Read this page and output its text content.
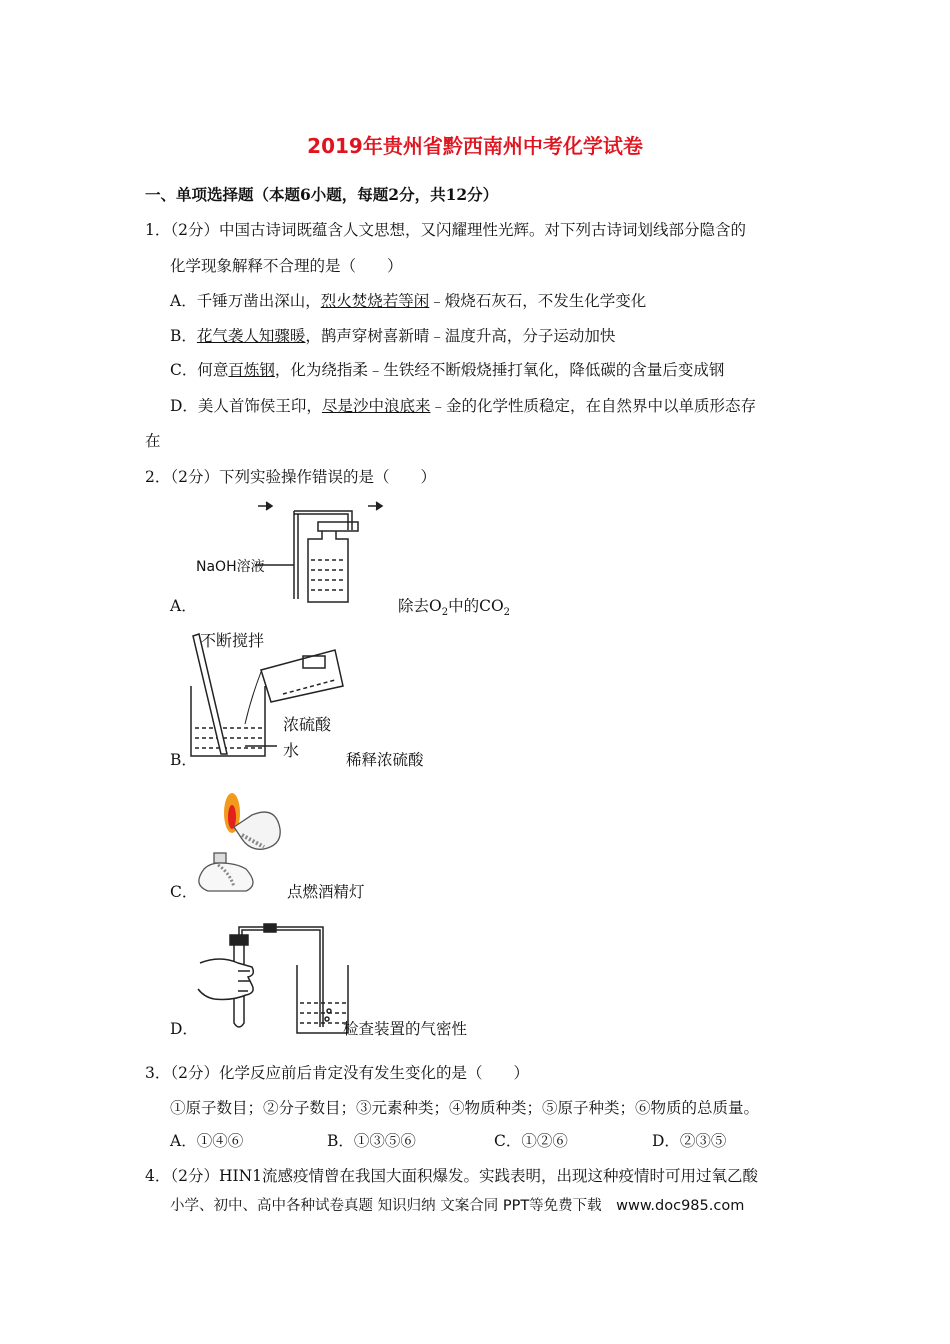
2019年贵州省黔西南州中考化学试卷
一、单项选择题（本题6小题，每题2分，共12分）
1．（2分）中国古诗词既蕴含人文思想，又闪耀理性光辉。对下列古诗词划线部分隐含的
化学现象解释不合理的是（　　）
A．千锤万凿出深山，烈火焚烧若等闲﹣煅烧石灰石，不发生化学变化
B．花气袭人知骤暖，鹊声穿树喜新晴﹣温度升高，分子运动加快
C．何意百炼钢，化为绕指柔﹣生铁经不断煅烧捶打氧化，降低碳的含量后变成钢
D．美人首饰侯王印，尽是沙中浪底来﹣金的化学性质稳定，在自然界中以单质形态存
在
2．（2分）下列实验操作错误的是（　　）
A．
NaOH溶液
除去$O_2$中的$CO_2$
B．
不断搅拌
浓硫酸
水	稀释浓硫酸
C．	点燃酒精灯
D．	检查装置的气密性
3．（2分）化学反应前后肯定没有发生变化的是（　　）
①原子数目；②分子数目；③元素种类；④物质种类；⑤原子种类；⑥物质的总质量。
A．①④⑥	B．①③⑤⑥	C．①②⑥	D．②③⑤
4．（2分）HIN1流感疫情曾在我国大面积爆发。实践表明，出现这种疫情时可用过氧乙酸
小学、初中、高中各种试卷真题 知识归纳 文案合同 PPT等免费下载　www.doc985.com
